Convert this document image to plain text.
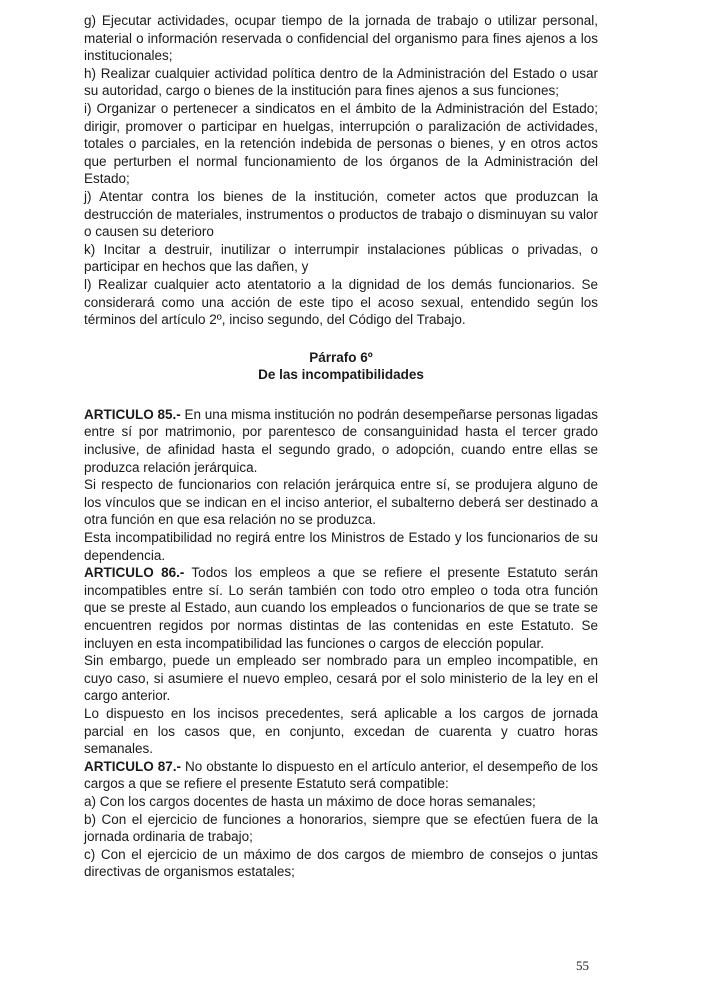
g) Ejecutar actividades, ocupar tiempo de la jornada de trabajo o utilizar personal, material o información reservada o confidencial del organismo para fines ajenos a los institucionales;

h) Realizar cualquier actividad política dentro de la Administración del Estado o usar su autoridad, cargo o bienes de la institución para fines ajenos a sus funciones;

i) Organizar o pertenecer a sindicatos en el ámbito de la Administración del Estado; dirigir, promover o participar en huelgas, interrupción o paralización de actividades, totales o parciales, en la retención indebida de personas o bienes, y en otros actos que perturben el normal funcionamiento de los órganos de la Administración del Estado;

j) Atentar contra los bienes de la institución, cometer actos que produzcan la destrucción de materiales, instrumentos o productos de trabajo o disminuyan su valor o causen su deterioro

k) Incitar a destruir, inutilizar o interrumpir instalaciones públicas o privadas, o participar en hechos que las dañen, y

l) Realizar cualquier acto atentatorio a la dignidad de los demás funcionarios. Se considerará como una acción de este tipo el acoso sexual, entendido según los términos del artículo 2º, inciso segundo, del Código del Trabajo.

Párrafo 6º

De las incompatibilidades

ARTICULO 85.- En una misma institución no podrán desempeñarse personas ligadas entre sí por matrimonio, por parentesco de consanguinidad hasta el tercer grado inclusive, de afinidad hasta el segundo grado, o adopción, cuando entre ellas se produzca relación jerárquica.

Si respecto de funcionarios con relación jerárquica entre sí, se produjera alguno de los vínculos que se indican en el inciso anterior, el subalterno deberá ser destinado a otra función en que esa relación no se produzca.

Esta incompatibilidad no regirá entre los Ministros de Estado y los funcionarios de su dependencia.

ARTICULO 86.- Todos los empleos a que se refiere el presente Estatuto serán incompatibles entre sí. Lo serán también con todo otro empleo o toda otra función que se preste al Estado, aun cuando los empleados o funcionarios de que se trate se encuentren regidos por normas distintas de las contenidas en este Estatuto. Se incluyen en esta incompatibilidad las funciones o cargos de elección popular.

Sin embargo, puede un empleado ser nombrado para un empleo incompatible, en cuyo caso, si asumiere el nuevo empleo, cesará por el solo ministerio de la ley en el cargo anterior.

Lo dispuesto en los incisos precedentes, será aplicable a los cargos de jornada parcial en los casos que, en conjunto, excedan de cuarenta y cuatro horas semanales.

ARTICULO 87.- No obstante lo dispuesto en el artículo anterior, el desempeño de los cargos a que se refiere el presente Estatuto será compatible:

a) Con los cargos docentes de hasta un máximo de doce horas semanales;

b) Con el ejercicio de funciones a honorarios, siempre que se efectúen fuera de la jornada ordinaria de trabajo;

c) Con el ejercicio de un máximo de dos cargos de miembro de consejos o juntas directivas de organismos estatales;

55
